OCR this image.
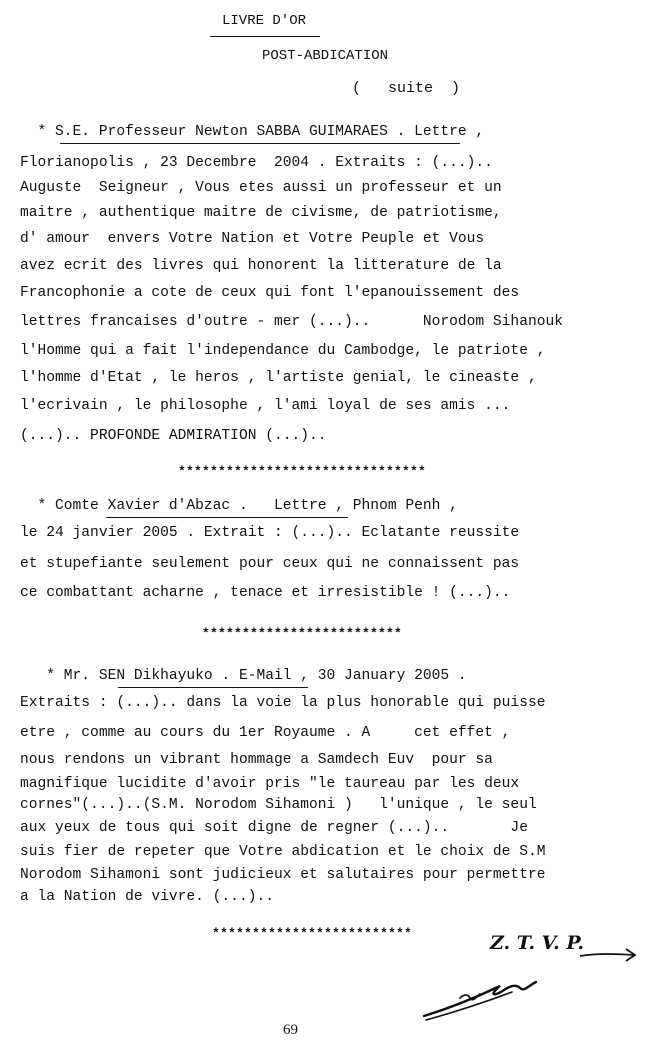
LIVRE D'OR
POST-ABDICATION
(   suite  )
* S.E. Professeur Newton SABBA GUIMARAES . Lettre ,
Florianopolis , 23 Decembre  2004 . Extraits : (...)..
Auguste  Seigneur , Vous etes aussi un professeur et un
maitre , authentique maitre de civisme, de patriotisme,
d' amour  envers Votre Nation et Votre Peuple et Vous
avez ecrit des livres qui honorent la litterature de la
Francophonie a cote de ceux qui font l'epanouissement des
lettres francaises d'outre - mer (...)..      Norodom Sihanouk
l'Homme qui a fait l'independance du Cambodge, le patriote ,
l'homme d'Etat , le heros , l'artiste genial, le cineaste ,
l'ecrivain , le philosophe , l'ami loyal de ses amis ...
(...).. PROFONDE ADMIRATION (...)..
*******************************
* Comte Xavier d'Abzac .   Lettre , Phnom Penh ,
le 24 janvier 2005 . Extrait : (...).. Eclatante reussite
et stupefiante seulement pour ceux qui ne connaissent pas
ce combattant acharne , tenace et irresistible ! (...)..
*************************
* Mr. SEN Dikhayuko . E-Mail , 30 January 2005 .
Extraits : (...).. dans la voie la plus honorable qui puisse
etre , comme au cours du 1er Royaume . A     cet effet ,
nous rendons un vibrant hommage a Samdech Euv  pour sa
magnifique lucidite d'avoir pris "le taureau par les deux
cornes"(...)..(S.M. Norodom Sihamoni )   l'unique , le seul
aux yeux de tous qui soit digne de regner (...)..       Je
suis fier de repeter que Votre abdication et le choix de S.M
Norodom Sihamoni sont judicieux et salutaires pour permettre
a la Nation de vivre. (...)..
*************************	Z. T. V. P.
69
